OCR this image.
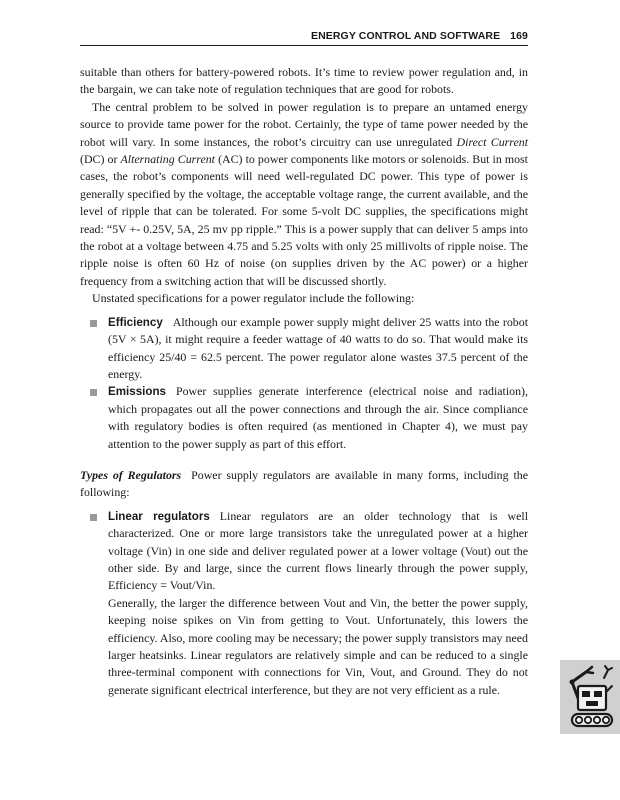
ENERGY CONTROL AND SOFTWARE 169

suitable than others for battery-powered robots. It’s time to review power regulation and, in the bargain, we can take note of regulation techniques that are good for robots.

The central problem to be solved in power regulation is to prepare an untamed energy source to provide tame power for the robot. Certainly, the type of tame power needed by the robot will vary. In some instances, the robot’s circuitry can use unregulated Direct Current (DC) or Alternating Current (AC) to power components like motors or solenoids. But in most cases, the robot’s components will need well-regulated DC power. This type of power is generally specified by the voltage, the acceptable voltage range, the current available, and the level of ripple that can be tolerated. For some 5-volt DC supplies, the specifications might read: “5V +- 0.25V, 5A, 25 mv pp ripple.” This is a power supply that can deliver 5 amps into the robot at a voltage between 4.75 and 5.25 volts with only 25 millivolts of ripple noise. The ripple noise is often 60 Hz of noise (on supplies driven by the AC power) or a higher frequency from a switching action that will be discussed shortly.

Unstated specifications for a power regulator include the following:

Efficiency Although our example power supply might deliver 25 watts into the robot (5V × 5A), it might require a feeder wattage of 40 watts to do so. That would make its efficiency 25/40 = 62.5 percent. The power regulator alone wastes 37.5 percent of the energy.
Emissions Power supplies generate interference (electrical noise and radiation), which propagates out all the power connections and through the air. Since compliance with regulatory bodies is often required (as mentioned in Chapter 4), we must pay attention to the power supply as part of this effort.

Types of Regulators Power supply regulators are available in many forms, including the following:

Linear regulators Linear regulators are an older technology that is well characterized. One or more large transistors take the unregulated power at a higher voltage (Vin) in one side and deliver regulated power at a lower voltage (Vout) out the other side. By and large, since the current flows linearly through the power supply, Efficiency = Vout/Vin.
Generally, the larger the difference between Vout and Vin, the better the power supply, keeping noise spikes on Vin from getting to Vout. Unfortunately, this lowers the efficiency. Also, more cooling may be necessary; the power supply transistors may need larger heatsinks. Linear regulators are relatively simple and can be reduced to a single three-terminal component with connections for Vin, Vout, and Ground. They do not generate significant electrical interference, but they are not very efficient as a rule.
